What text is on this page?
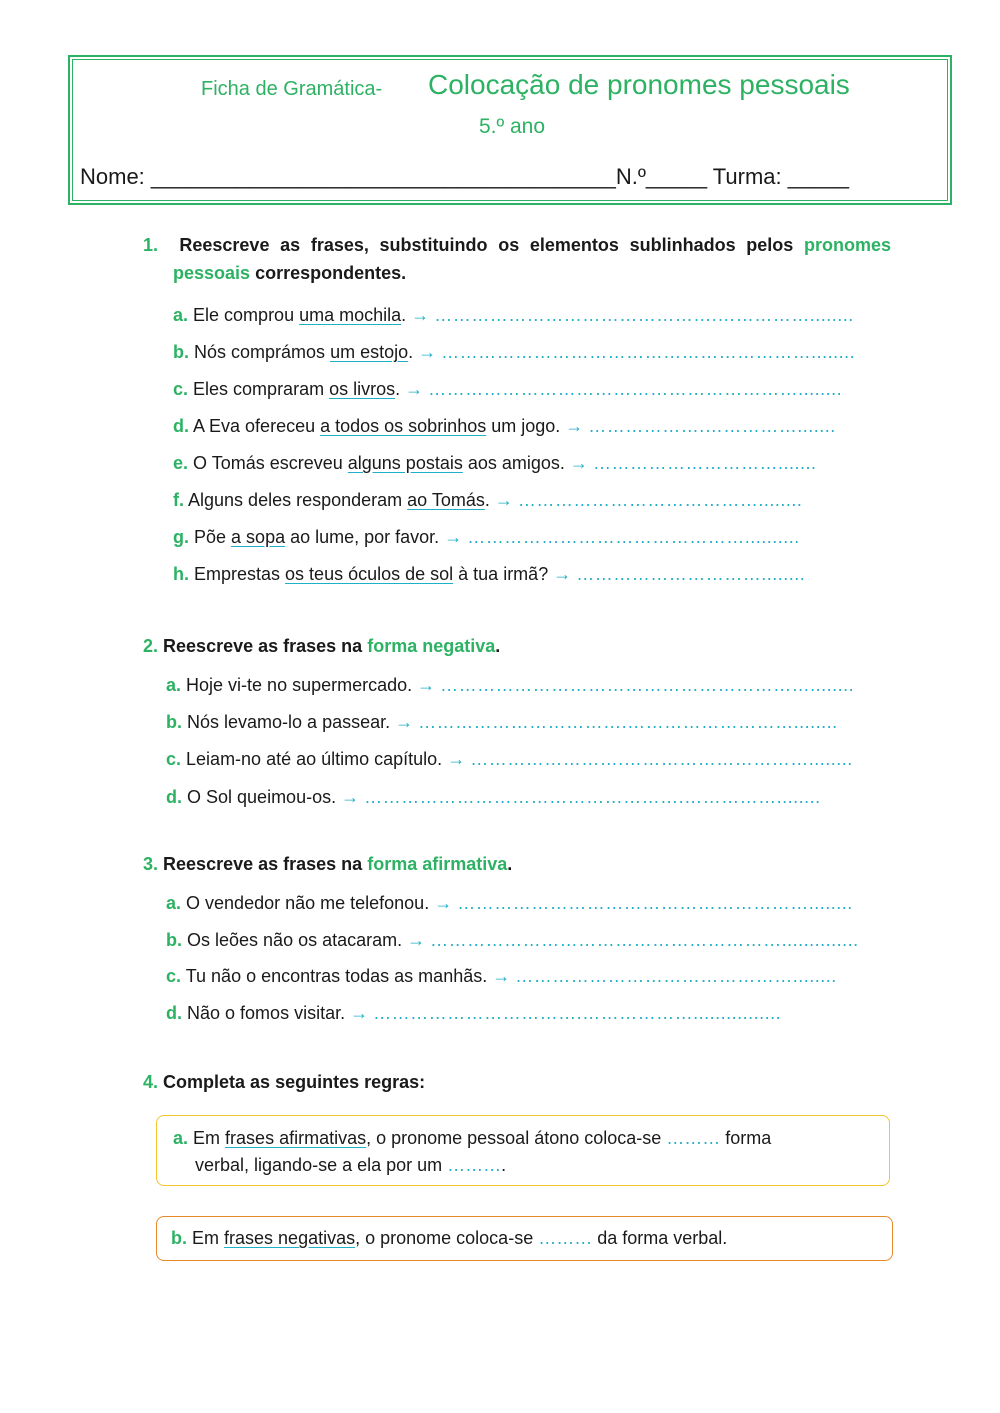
Ficha de Gramática- Colocação de pronomes pessoais
5.º ano
Nome: ______________________________________N.º_____ Turma: _____
1. Reescreve as frases, substituindo os elementos sublinhados pelos pronomes pessoais correspondentes.
a. Ele comprou uma mochila. → ……………………………………….……………........
b. Nós comprámos um estojo. → ……………………………………………………........
c. Eles compraram os livros. → ……………………………………………………........
d. A Eva ofereceu a todos os sobrinhos um jogo. → ……………….…………….......
e. O Tomás escreveu alguns postais aos amigos. → ………………………….......
f. Alguns deles responderam ao Tomás. → …………………………………........
g. Põe a sopa ao lume, por favor. → ………………………………………..........
h. Emprestas os teus óculos de sol à tua irmã? → …………………………........
2. Reescreve as frases na forma negativa.
a. Hoje vi-te no supermercado. → ……………………………………………………........
b. Nós levamo-lo a passear. → …………………………….………………………........
c. Leiam-no até ao último capítulo. → …………………….…………………………........
d. O Sol queimou-os. → …………………………………………….……………........
3. Reescreve as frases na forma afirmativa.
a. O vendedor não me telefonou. → …………………………………………………........
b. Os leões não os atacaram. → …………………………………………………..............
c. Tu não o encontras todas as manhãs. → ………………………………………........
d. Não o fomos visitar. → …………………………….………………................
4. Completa as seguintes regras:
a. Em frases afirmativas, o pronome pessoal átono coloca-se ……… forma
verbal, ligando-se a ela por um ……….
b. Em frases negativas, o pronome coloca-se ……… da forma verbal.
